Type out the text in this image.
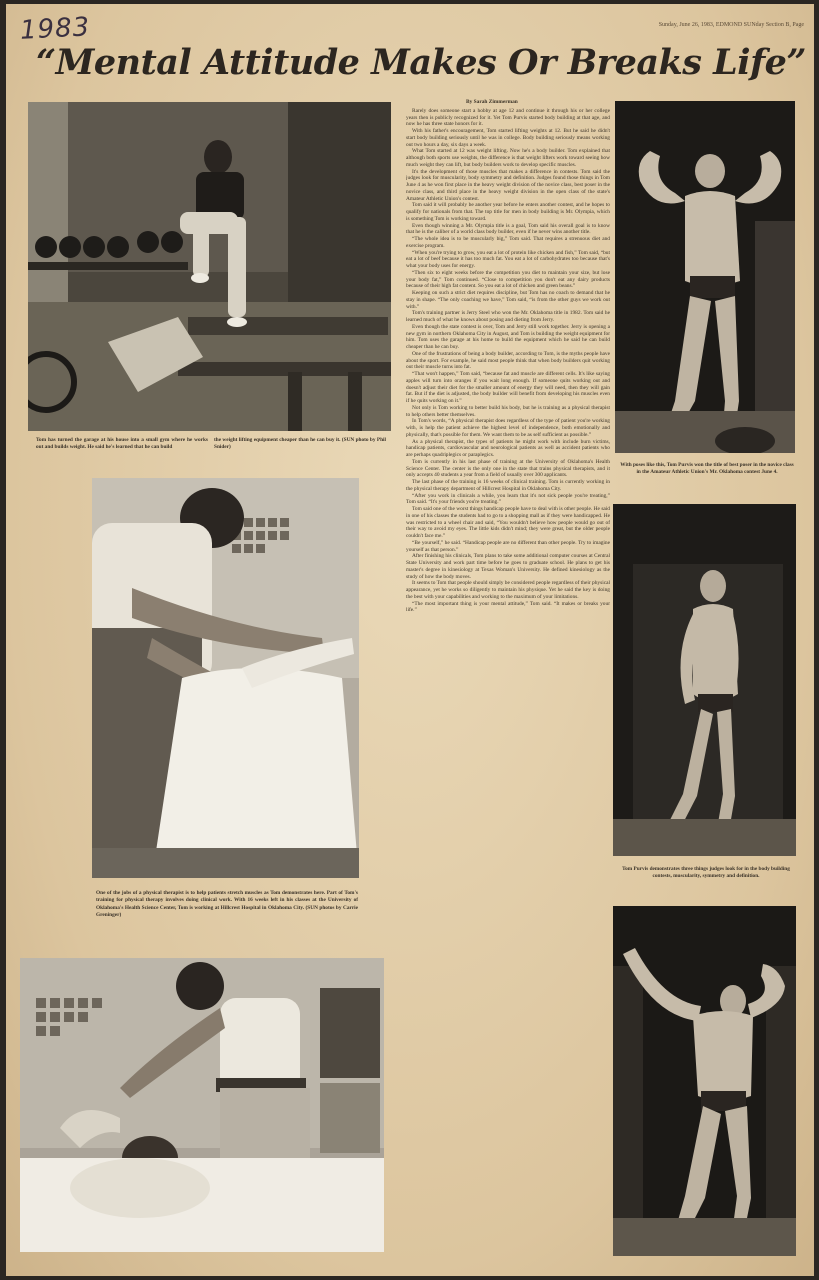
1983	Sunday, June 26, 1983, EDMOND SUNday Section B, Page
“Mental Attitude Makes Or Breaks Life”
Tom has turned the garage at his house into a small gym where he works out and builds weight. He said he's learned that he can build
the weight lifting equipment cheaper than he can buy it. (SUN photo by Phil Snider)
One of the jobs of a physical therapist is to help patients stretch muscles as Tom demonstrates here. Part of Tom's training for physical therapy involves doing clinical work. With 16 weeks left in his classes at the University of Oklahoma's Health Science Center, Tom is working at Hillcrest Hospital in Oklahoma City. (SUN photos by Carrie Greninger)
By Sarah Zimmerman

Rarely does someone start a hobby at age 12 and continue it through his or her college years then is publicly recognized for it. Yet Tom Purvis started body building at that age, and now he has three state honors for it.

With his father's encouragement, Tom started lifting weights at 12. But he said he didn't start body building seriously until he was in college. Body building seriously means working out two hours a day, six days a week.

What Tom started at 12 was weight lifting. Now he's a body builder. Tom explained that although both sports use weights, the difference is that weight lifters work toward seeing how much weight they can lift, but body builders work to develop specific muscles.

It's the development of those muscles that makes a difference in contests. Tom said the judges look for muscularity, body symmetry and definition. Judges found those things in Tom June 4 as he won first place in the heavy weight division of the novice class, best poser in the novice class, and third place in the heavy weight division in the open class of the state's Amateur Athletic Union's contest.

Tom said it will probably be another year before he enters another contest, and he hopes to qualify for nationals from that. The top title for men in body building is Mr. Olympia, which is something Tom is working toward.

Even though winning a Mr. Olympia title is a goal, Tom said his overall goal is to know that he is the caliber of a world class body builder, even if he never wins another title.

“The whole idea is to be muscularly big,” Tom said. That requires a strenuous diet and exercise program.

“When you're trying to grow, you eat a lot of protein like chicken and fish,” Tom said, “but eat a lot of beef because it has too much fat. You eat a lot of carbohydrates too because that's what your body uses for energy.

“Then six to eight weeks before the competition you diet to maintain your size, but lose your body fat,” Tom continued. “Close to competition you don't eat any dairy products because of their high fat content. So you eat a lot of chicken and green beans.”

Keeping on such a strict diet requires discipline, but Tom has no coach to demand that he stay in shape. “The only coaching we have,” Tom said, “is from the other guys we work out with.”

Tom's training partner is Jerry Steel who won the Mr. Oklahoma title in 1982. Tom said he learned much of what he knows about posing and dieting from Jerry.

Even though the state contest is over, Tom and Jerry still work together. Jerry is opening a new gym in northern Oklahoma City in August, and Tom is building the weight equipment for him. Tom uses the garage at his home to build the equipment which he said he can build cheaper than he can buy.

One of the frustrations of being a body builder, according to Tom, is the myths people have about the sport. For example, he said most people think that when body builders quit working out their muscle turns into fat.

“That won't happen,” Tom said, “because fat and muscle are different cells. It's like saying apples will turn into oranges if you wait long enough. If someone quits working out and doesn't adjust their diet for the smaller amount of energy they will need, then they will gain fat. But if the diet is adjusted, the body builder will benefit from developing his muscles even if he quits working on it.”

Not only is Tom working to better build his body, but he is training as a physical therapist to help others better themselves.

In Tom's words, “A physical therapist does regardless of the type of patient you're working with, is help the patient achieve the highest level of independence, both emotionally and physically, that's possible for them. We want them to be as self sufficient as possible.”

As a physical therapist, the types of patients he might work with include burn victims, handicap patients, cardiovascular and neurological patients as well as accident patients who are perhaps quadriplegics or paraplegics.

Tom is currently in his last phase of training at the University of Oklahoma's Health Science Center. The center is the only one in the state that trains physical therapists, and it only accepts 40 students a year from a field of usually over 300 applicants.

The last phase of the training is 16 weeks of clinical training. Tom is currently working in the physical therapy department of Hillcrest Hospital in Oklahoma City.

“After you work in clinicals a while, you learn that it's not sick people you're treating,” Tom said. “It's your friends you're treating.”

Tom said one of the worst things handicap people have to deal with is other people. He said in one of his classes the students had to go to a shopping mall as if they were handicapped. He was restricted to a wheel chair and said, “You wouldn't believe how people would go out of their way to avoid my eyes. The little kids didn't mind; they were great, but the older people couldn't face me.”

“Be yourself,” he said. “Handicap people are no different than other people. Try to imagine yourself as that person.”

After finishing his clinicals, Tom plans to take some additional computer courses at Central State University and work part time before he goes to graduate school. He plans to get his master's degree in kinesiology at Texas Woman's University. He defined kinesiology as the study of how the body moves.

It seems to Tom that people should simply be considered people regardless of their physical appearance, yet he works so diligently to maintain his physique. Yet he said the key is doing the best with your capabilities and working to the maximum of your limitations.

“The most important thing is your mental attitude,” Tom said. “It makes or breaks your life.”

With poses like this, Tom Purvis won the title of best poser in the novice class in the Amateur Athletic Union's Mr. Oklahoma contest June 4.
Tom Purvis demonstrates three things judges look for in the body building contests, muscularity, symmetry and definition.
